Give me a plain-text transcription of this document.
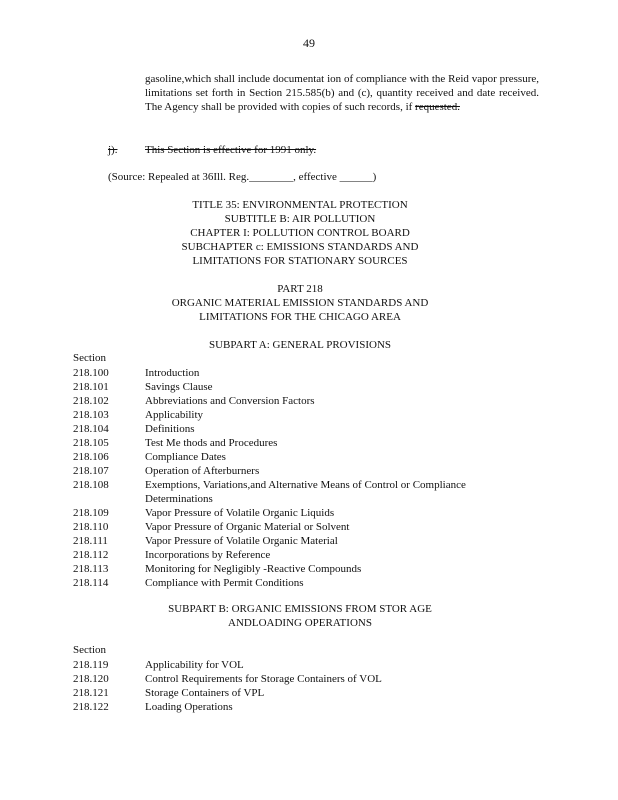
49
gasoline,which shall include documentat ion of compliance with the Reid vapor pressure, limitations set forth in Section 215.585(b) and (c), quantity received and date received. The Agency shall be provided with copies of such records, if requested.
j).	This Section is effective for 1991 only.
(Source: Repealed at 36Ill. Reg.________, effective ______)
TITLE 35: ENVIRONMENTAL PROTECTION
SUBTITLE B: AIR POLLUTION
CHAPTER I: POLLUTION CONTROL BOARD
SUBCHAPTER c: EMISSIONS STANDARDS AND
LIMITATIONS FOR STATIONARY SOURCES
PART 218
ORGANIC MATERIAL EMISSION STANDARDS AND
LIMITATIONS FOR THE CHICAGO AREA
SUBPART A: GENERAL PROVISIONS
Section
218.100	Introduction
218.101	Savings Clause
218.102	Abbreviations and Conversion Factors
218.103	Applicability
218.104	Definitions
218.105	Test Me thods and Procedures
218.106	Compliance Dates
218.107	Operation of Afterburners
218.108	Exemptions, Variations,and Alternative Means of Control or Compliance Determinations
218.109	Vapor Pressure of Volatile Organic Liquids
218.110	Vapor Pressure of Organic Material or Solvent
218.111	Vapor Pressure of Volatile Organic Material
218.112	Incorporations by Reference
218.113	Monitoring for Negligibly -Reactive Compounds
218.114	Compliance with Permit Conditions
SUBPART B: ORGANIC EMISSIONS FROM STOR AGE
ANDLOADING OPERATIONS
Section
218.119	Applicability for VOL
218.120	Control Requirements for Storage Containers of VOL
218.121	Storage Containers of VPL
218.122	Loading Operations
